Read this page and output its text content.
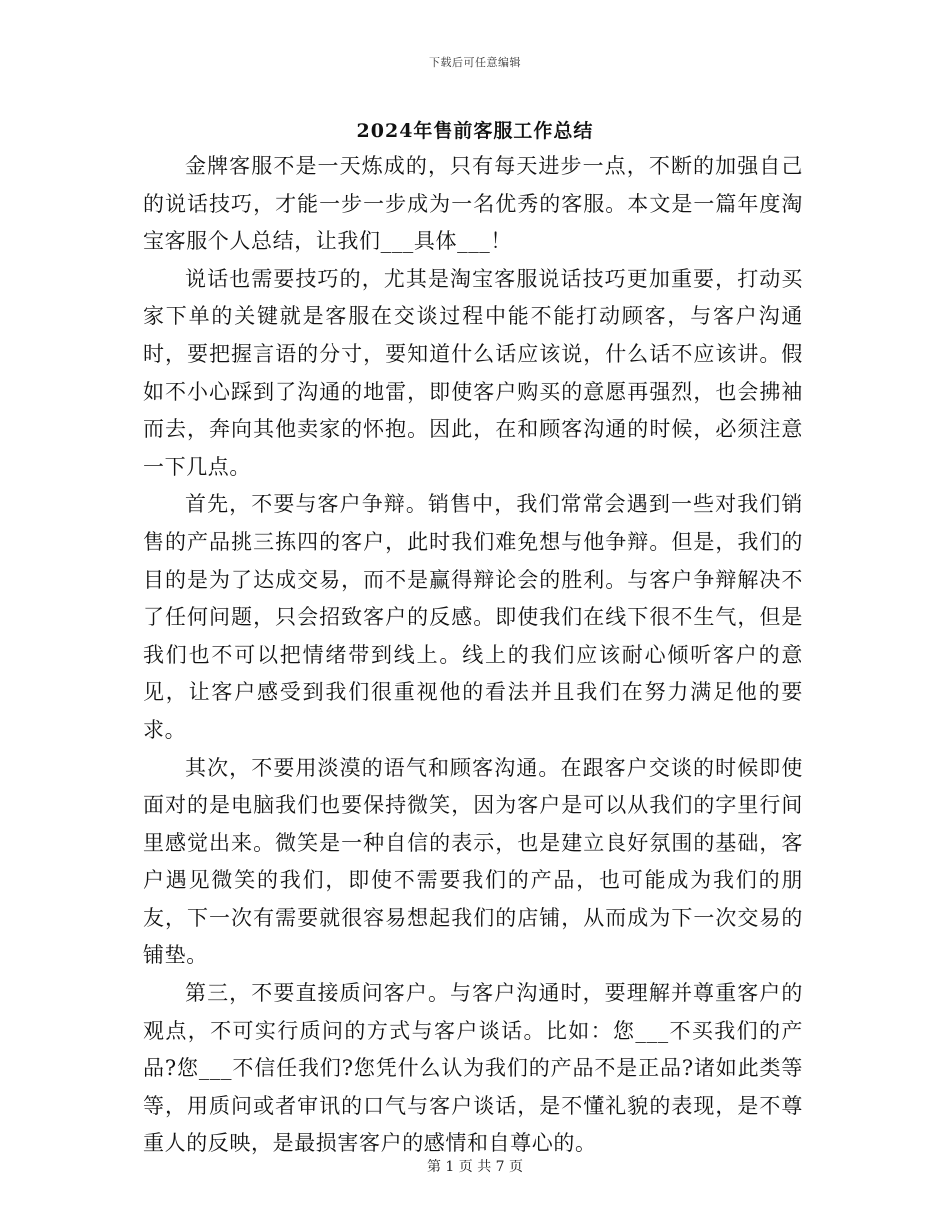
下载后可任意编辑
2024年售前客服工作总结

金牌客服不是一天炼成的，只有每天进步一点，不断的加强自己的说话技巧，才能一步一步成为一名优秀的客服。本文是一篇年度淘宝客服个人总结，让我们___具体___！

说话也需要技巧的，尤其是淘宝客服说话技巧更加重要，打动买家下单的关键就是客服在交谈过程中能不能打动顾客，与客户沟通时，要把握言语的分寸，要知道什么话应该说，什么话不应该讲。假如不小心踩到了沟通的地雷，即使客户购买的意愿再强烈，也会拂袖而去，奔向其他卖家的怀抱。因此，在和顾客沟通的时候，必须注意一下几点。

首先，不要与客户争辩。销售中，我们常常会遇到一些对我们销售的产品挑三拣四的客户，此时我们难免想与他争辩。但是，我们的目的是为了达成交易，而不是赢得辩论会的胜利。与客户争辩解决不了任何问题，只会招致客户的反感。即使我们在线下很不生气，但是我们也不可以把情绪带到线上。线上的我们应该耐心倾听客户的意见，让客户感受到我们很重视他的看法并且我们在努力满足他的要求。

其次，不要用淡漠的语气和顾客沟通。在跟客户交谈的时候即使面对的是电脑我们也要保持微笑，因为客户是可以从我们的字里行间里感觉出来。微笑是一种自信的表示，也是建立良好氛围的基础，客户遇见微笑的我们，即使不需要我们的产品，也可能成为我们的朋友，下一次有需要就很容易想起我们的店铺，从而成为下一次交易的铺垫。

第三，不要直接质问客户。与客户沟通时，要理解并尊重客户的观点，不可实行质问的方式与客户谈话。比如：您___不买我们的产品?您___不信任我们?您凭什么认为我们的产品不是正品?诸如此类等等，用质问或者审讯的口气与客户谈话，是不懂礼貌的表现，是不尊重人的反映，是最损害客户的感情和自尊心的。

第 1 页 共 7 页
